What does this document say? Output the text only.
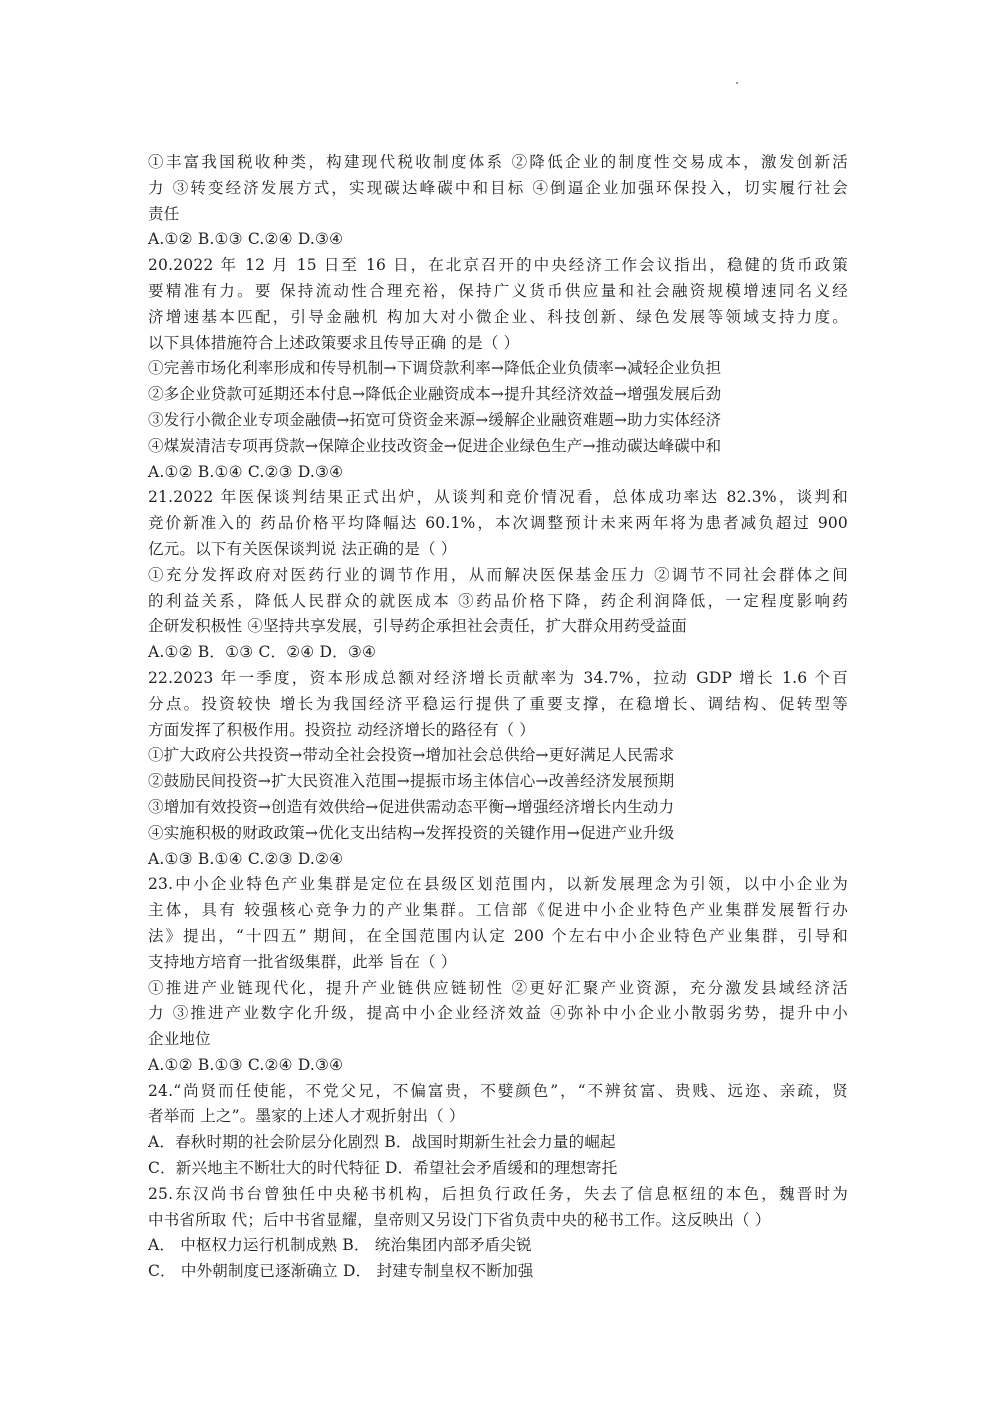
①丰富我国税收种类，构建现代税收制度体系 ②降低企业的制度性交易成本，激发创新活
力 ③转变经济发展方式，实现碳达峰碳中和目标 ④倒逼企业加强环保投入，切实履行社会
责任
A.①② B.①③ C.②④ D.③④
20.2022 年 12 月 15 日至 16 日，在北京召开的中央经济工作会议指出，稳健的货币政策
要精准有力。要 保持流动性合理充裕，保持广义货币供应量和社会融资规模增速同名义经
济增速基本匹配，引导金融机 构加大对小微企业、科技创新、绿色发展等领域支持力度。
以下具体措施符合上述政策要求且传导正确 的是（ ）
①完善市场化利率形成和传导机制→下调贷款利率→降低企业负债率→减轻企业负担
②多企业贷款可延期还本付息→降低企业融资成本→提升其经济效益→增强发展后劲
③发行小微企业专项金融债→拓宽可贷资金来源→缓解企业融资难题→助力实体经济
④煤炭清洁专项再贷款→保障企业技改资金→促进企业绿色生产→推动碳达峰碳中和
A.①② B.①④ C.②③ D.③④
21.2022 年医保谈判结果正式出炉，从谈判和竞价情况看，总体成功率达 82.3%，谈判和
竞价新准入的 药品价格平均降幅达 60.1%，本次调整预计未来两年将为患者减负超过 900
亿元。以下有关医保谈判说 法正确的是（ ）
①充分发挥政府对医药行业的调节作用，从而解决医保基金压力 ②调节不同社会群体之间
的利益关系，降低人民群众的就医成本 ③药品价格下降，药企利润降低，一定程度影响药
企研发积极性 ④坚持共享发展，引导药企承担社会责任，扩大群众用药受益面
A.①② B．①③ C．②④ D．③④
22.2023 年一季度，资本形成总额对经济增长贡献率为 34.7%，拉动 GDP 增长 1.6 个百
分点。投资较快 增长为我国经济平稳运行提供了重要支撑，在稳增长、调结构、促转型等
方面发挥了积极作用。投资拉 动经济增长的路径有（ ）
①扩大政府公共投资→带动全社会投资→增加社会总供给→更好满足人民需求
②鼓励民间投资→扩大民资准入范围→提振市场主体信心→改善经济发展预期
③增加有效投资→创造有效供给→促进供需动态平衡→增强经济增长内生动力
④实施积极的财政政策→优化支出结构→发挥投资的关键作用→促进产业升级
A.①③ B.①④ C.②③ D.②④
23.中小企业特色产业集群是定位在县级区划范围内，以新发展理念为引领，以中小企业为
主体，具有 较强核心竞争力的产业集群。工信部《促进中小企业特色产业集群发展暂行办
法》提出，“十四五” 期间，在全国范围内认定 200 个左右中小企业特色产业集群，引导和
支持地方培育一批省级集群，此举 旨在（ ）
①推进产业链现代化，提升产业链供应链韧性 ②更好汇聚产业资源，充分激发县域经济活
力 ③推进产业数字化升级，提高中小企业经济效益 ④弥补中小企业小散弱劣势，提升中小
企业地位
A.①② B.①③ C.②④ D.③④
24.“尚贤而任使能，不党父兄，不偏富贵，不嬖颜色”，“不辨贫富、贵贱、远迩、亲疏，贤
者举而 上之”。墨家的上述人才观折射出（ ）
A．春秋时期的社会阶层分化剧烈 B．战国时期新生社会力量的崛起
C．新兴地主不断壮大的时代特征 D．希望社会矛盾缓和的理想寄托
25.东汉尚书台曾独任中央秘书机构，后担负行政任务，失去了信息枢纽的本色，魏晋时为
中书省所取 代；后中书省显耀，皇帝则又另设门下省负责中央的秘书工作。这反映出（ ）
A． 中枢权力运行机制成熟 B． 统治集团内部矛盾尖锐
C． 中外朝制度已逐渐确立 D． 封建专制皇权不断加强
